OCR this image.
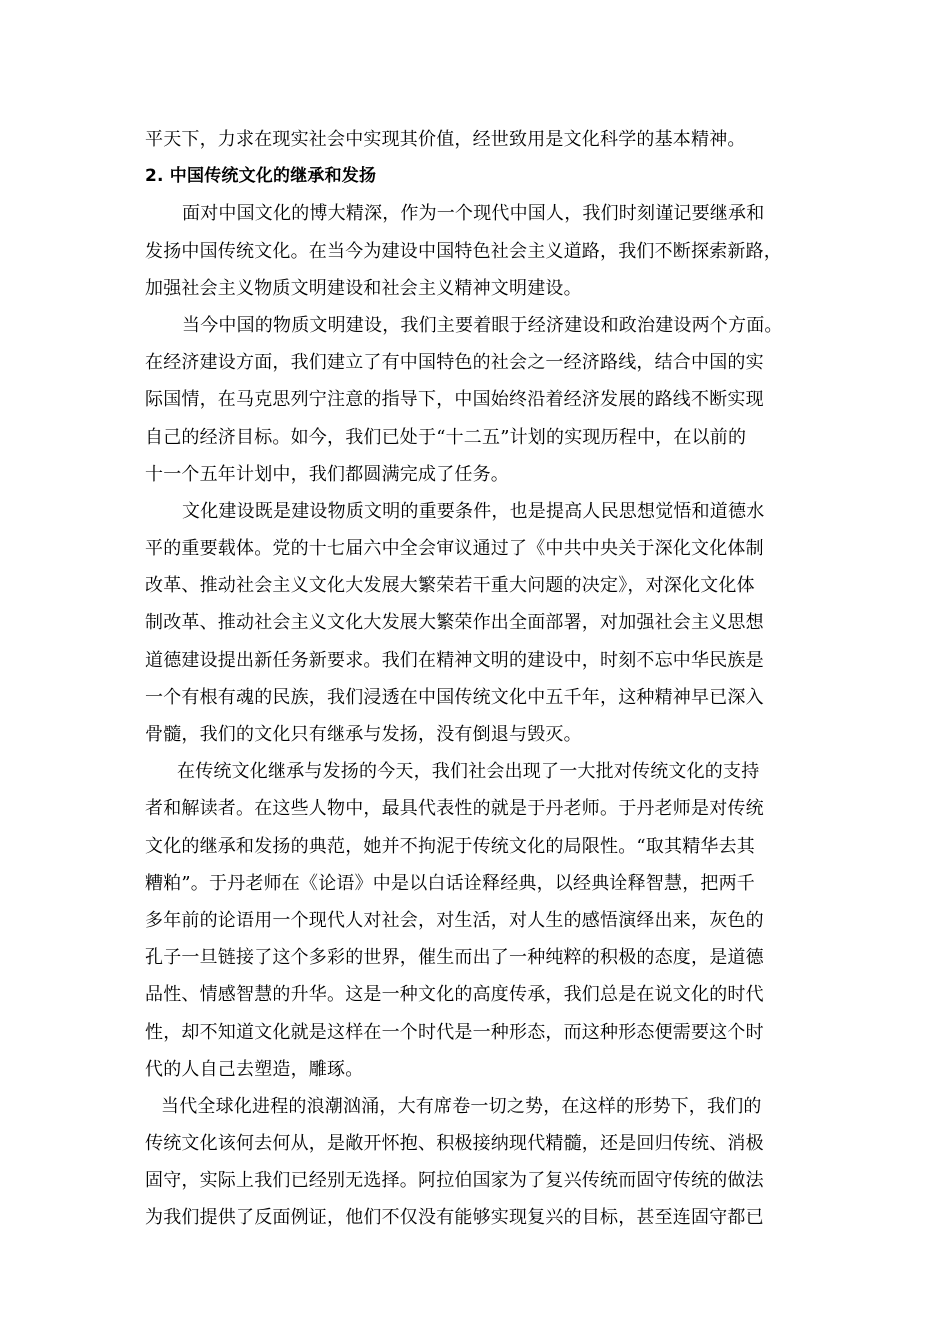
平天下，力求在现实社会中实现其价值，经世致用是文化科学的基本精神。
2. 中国传统文化的继承和发扬
面对中国文化的博大精深，作为一个现代中国人，我们时刻谨记要继承和
发扬中国传统文化。在当今为建设中国特色社会主义道路，我们不断探索新路，
加强社会主义物质文明建设和社会主义精神文明建设。
当今中国的物质文明建设，我们主要着眼于经济建设和政治建设两个方面。
在经济建设方面，我们建立了有中国特色的社会之一经济路线，结合中国的实
际国情，在马克思列宁注意的指导下，中国始终沿着经济发展的路线不断实现
自己的经济目标。如今，我们已处于“十二五”计划的实现历程中，在以前的
十一个五年计划中，我们都圆满完成了任务。
文化建设既是建设物质文明的重要条件，也是提高人民思想觉悟和道德水
平的重要载体。党的十七届六中全会审议通过了《中共中央关于深化文化体制
改革、推动社会主义文化大发展大繁荣若干重大问题的决定》，对深化文化体
制改革、推动社会主义文化大发展大繁荣作出全面部署，对加强社会主义思想
道德建设提出新任务新要求。我们在精神文明的建设中，时刻不忘中华民族是
一个有根有魂的民族，我们浸透在中国传统文化中五千年，这种精神早已深入
骨髓，我们的文化只有继承与发扬，没有倒退与毁灭。
在传统文化继承与发扬的今天，我们社会出现了一大批对传统文化的支持
者和解读者。在这些人物中，最具代表性的就是于丹老师。于丹老师是对传统
文化的继承和发扬的典范，她并不拘泥于传统文化的局限性。“取其精华去其
糟粕”。于丹老师在《论语》中是以白话诠释经典，以经典诠释智慧，把两千
多年前的论语用一个现代人对社会，对生活，对人生的感悟演绎出来，灰色的
孔子一旦链接了这个多彩的世界，催生而出了一种纯粹的积极的态度，是道德
品性、情感智慧的升华。这是一种文化的高度传承，我们总是在说文化的时代
性，却不知道文化就是这样在一个时代是一种形态，而这种形态便需要这个时
代的人自己去塑造，雕琢。
当代全球化进程的浪潮汹涌，大有席卷一切之势，在这样的形势下，我们的
传统文化该何去何从，是敞开怀抱、积极接纳现代精髓，还是回归传统、消极
固守，实际上我们已经别无选择。阿拉伯国家为了复兴传统而固守传统的做法
为我们提供了反面例证，他们不仅没有能够实现复兴的目标，甚至连固守都已
